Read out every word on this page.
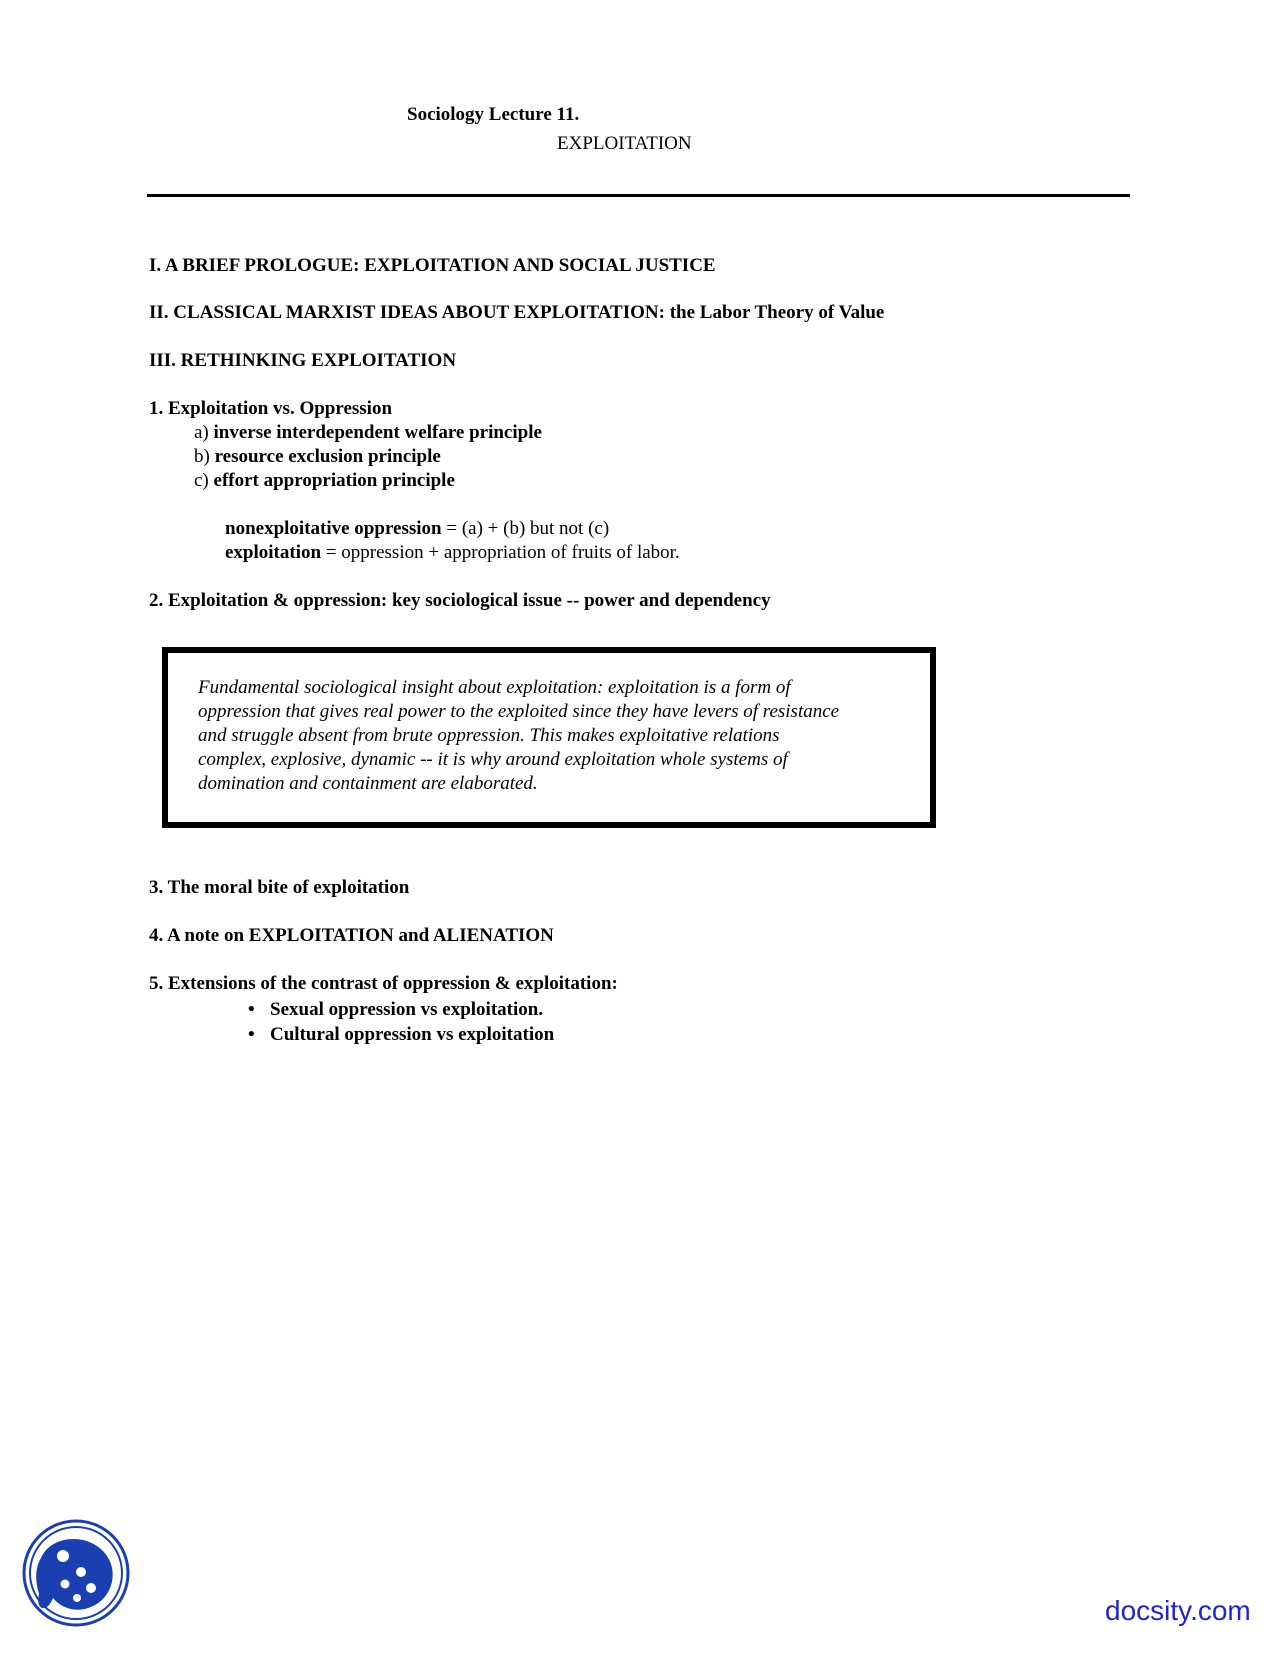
Sociology Lecture 11.
EXPLOITATION
I. A BRIEF PROLOGUE: EXPLOITATION AND SOCIAL JUSTICE
II. CLASSICAL MARXIST IDEAS ABOUT EXPLOITATION: the Labor Theory of Value
III. RETHINKING EXPLOITATION
1. Exploitation vs. Oppression
a) inverse interdependent welfare principle
b) resource exclusion principle
c) effort appropriation principle
nonexploitative oppression = (a) + (b) but not (c)
exploitation = oppression + appropriation of fruits of labor.
2. Exploitation & oppression: key sociological issue -- power and dependency
Fundamental sociological insight about exploitation: exploitation is a form of
oppression that gives real power to the exploited since they have levers of resistance
and struggle absent from brute oppression. This makes exploitative relations
complex, explosive, dynamic -- it is why around exploitation whole systems of
domination and containment are elaborated.
3. The moral bite of exploitation
4. A note on EXPLOITATION and ALIENATION
5. Extensions of the contrast of oppression & exploitation:
• Sexual oppression vs exploitation.
• Cultural oppression vs exploitation
docsity.com
